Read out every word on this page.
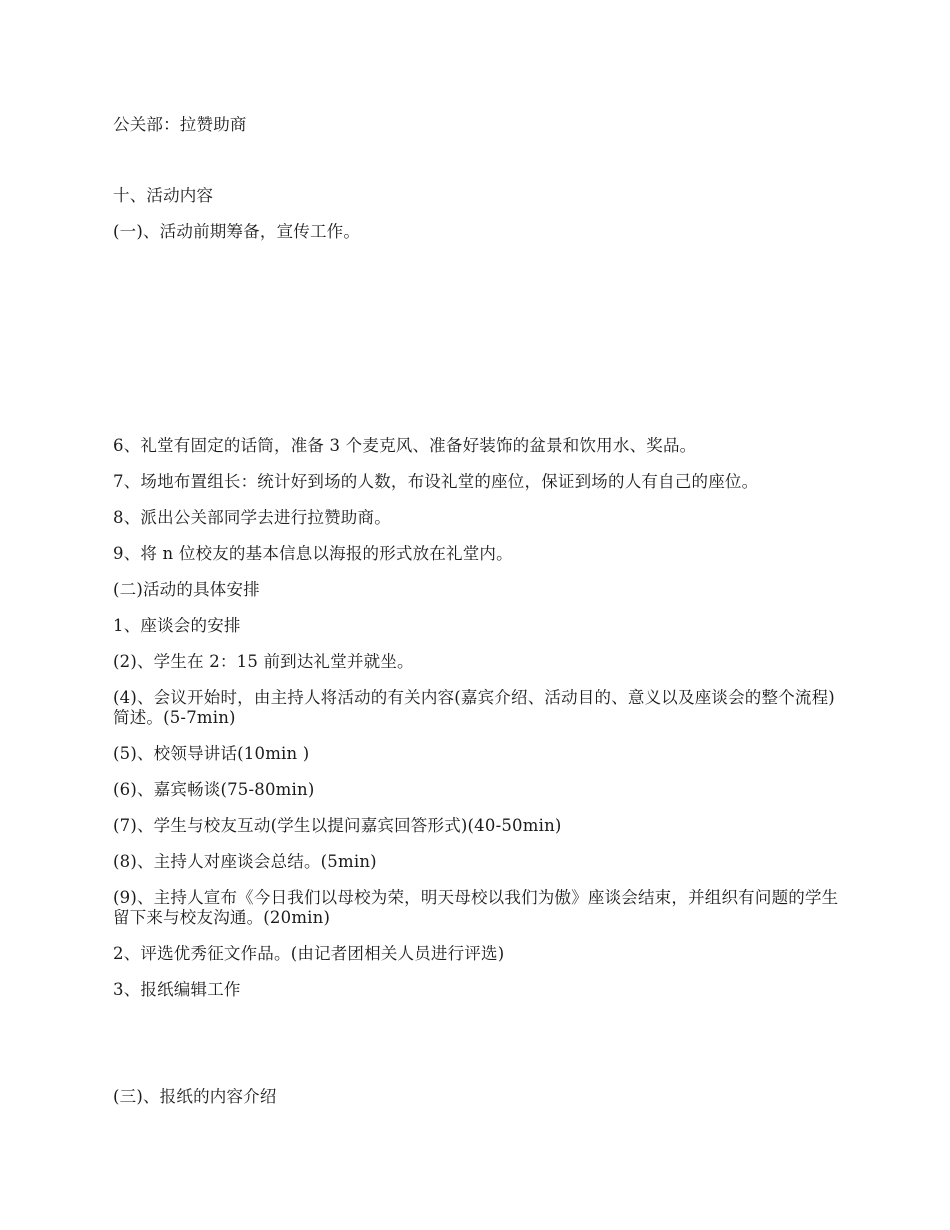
公关部：拉赞助商
十、活动内容
(一)、活动前期筹备，宣传工作。
6、礼堂有固定的话筒，准备 3 个麦克风、准备好装饰的盆景和饮用水、奖品。
7、场地布置组长：统计好到场的人数，布设礼堂的座位，保证到场的人有自己的座位。
8、派出公关部同学去进行拉赞助商。
9、将 n 位校友的基本信息以海报的形式放在礼堂内。
(二)活动的具体安排
1、座谈会的安排
(2)、学生在 2：15 前到达礼堂并就坐。
(4)、会议开始时，由主持人将活动的有关内容(嘉宾介绍、活动目的、意义以及座谈会的整个流程)简述。(5-7min)
(5)、校领导讲话(10min )
(6)、嘉宾畅谈(75-80min)
(7)、学生与校友互动(学生以提问嘉宾回答形式)(40-50min)
(8)、主持人对座谈会总结。(5min)
(9)、主持人宣布《今日我们以母校为荣，明天母校以我们为傲》座谈会结束，并组织有问题的学生留下来与校友沟通。(20min)
2、评选优秀征文作品。(由记者团相关人员进行评选)
3、报纸编辑工作
(三)、报纸的内容介绍
